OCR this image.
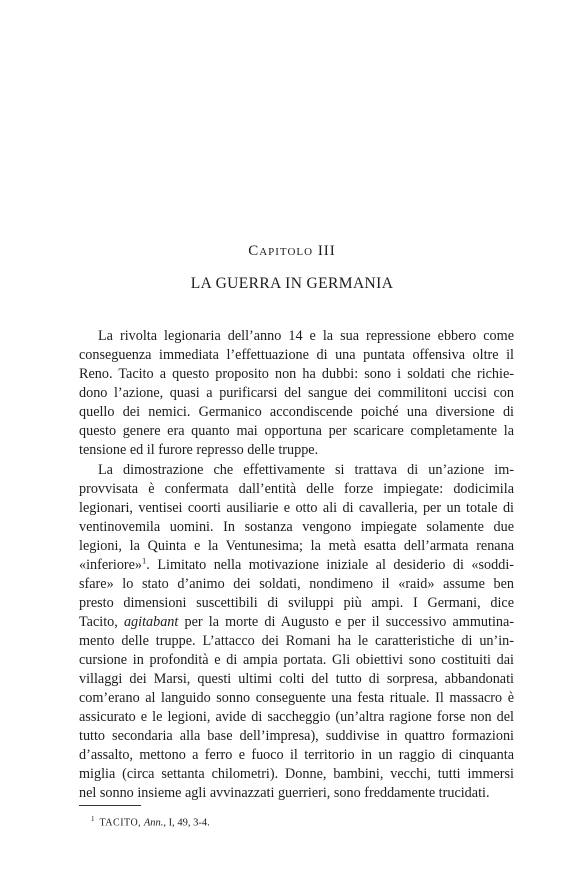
CAPITOLO III
LA GUERRA IN GERMANIA
La rivolta legionaria dell’anno 14 e la sua repressione ebbero come
conseguenza immediata l’effettuazione di una puntata offensiva oltre il
Reno. Tacito a questo proposito non ha dubbi: sono i soldati che richie-
dono l’azione, quasi a purificarsi del sangue dei commilitoni uccisi con
quello dei nemici. Germanico accondiscende poiché una diversione di
questo genere era quanto mai opportuna per scaricare completamente la
tensione ed il furore represso delle truppe.
La dimostrazione che effettivamente si trattava di un’azione im-
provvisata è confermata dall’entità delle forze impiegate: dodicimila
legionari, ventisei coorti ausiliarie e otto ali di cavalleria, per un totale di
ventinovemila uomini. In sostanza vengono impiegate solamente due
legioni, la Quinta e la Ventunesima; la metà esatta dell’armata renana
«inferiore»$^1$. Limitato nella motivazione iniziale al desiderio di «soddi-
sfare» lo stato d’animo dei soldati, nondimeno il «raid» assume ben
presto dimensioni suscettibili di sviluppi più ampi. I Germani, dice
Tacito, agitabant per la morte di Augusto e per il successivo ammutina-
mento delle truppe. L’attacco dei Romani ha le caratteristiche di un’in-
cursione in profondità e di ampia portata. Gli obiettivi sono costituiti dai
villaggi dei Marsi, questi ultimi colti del tutto di sorpresa, abbandonati
com’erano al languido sonno conseguente una festa rituale. Il massacro è
assicurato e le legioni, avide di saccheggio (un’altra ragione forse non del
tutto secondaria alla base dell’impresa), suddivise in quattro formazioni
d’assalto, mettono a ferro e fuoco il territorio in un raggio di cinquanta
miglia (circa settanta chilometri). Donne, bambini, vecchi, tutti immersi
nel sonno insieme agli avvinazzati guerrieri, sono freddamente trucidati.
$^1$ TACITO, Ann., I, 49, 3-4.
